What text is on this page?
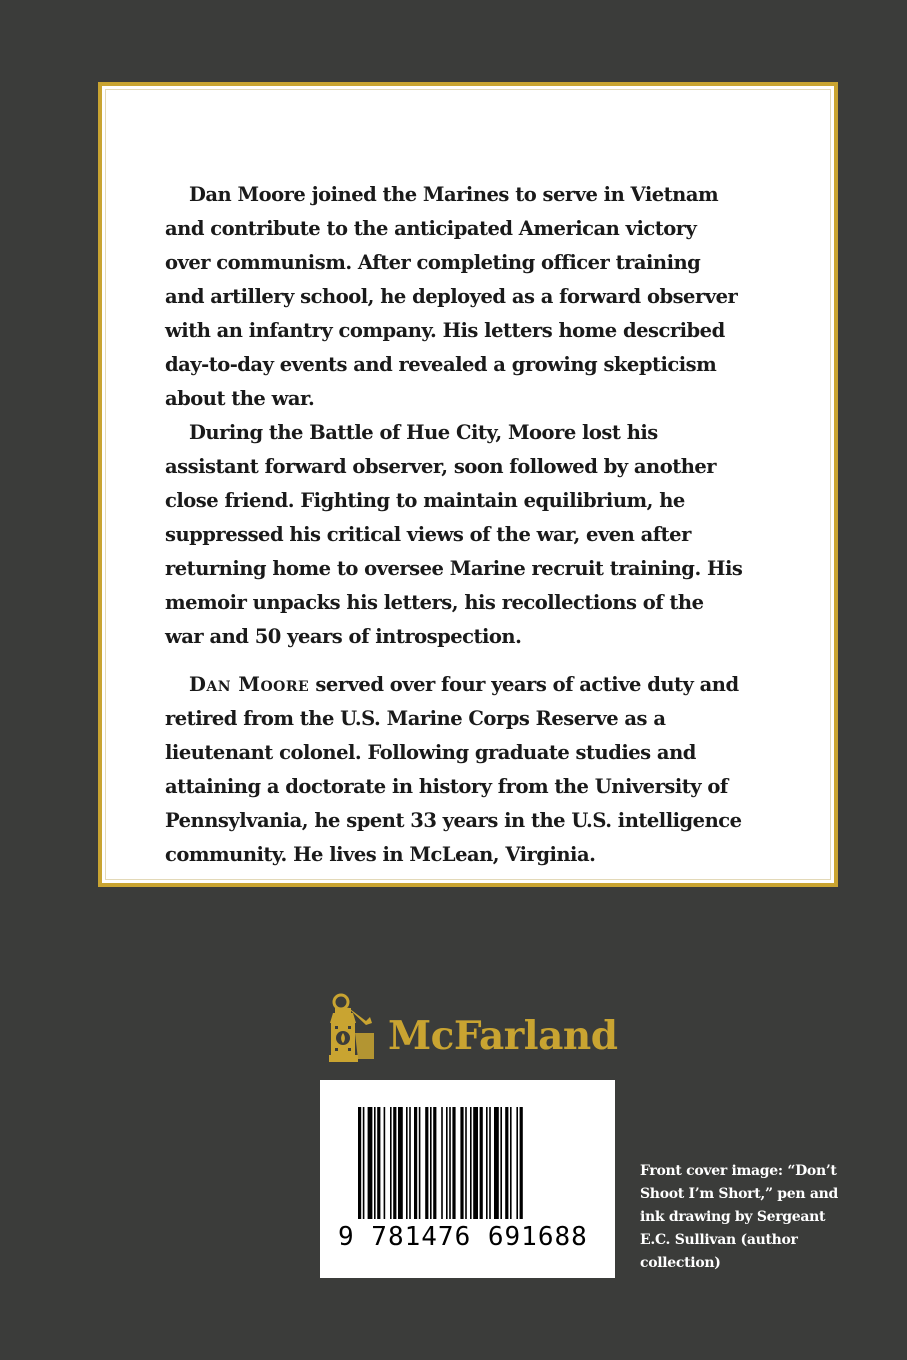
Dan Moore joined the Marines to serve in Vietnam and contribute to the anticipated American victory over communism. After completing officer training and artillery school, he deployed as a forward observer with an infantry company. His letters home described day-to-day events and revealed a growing skepticism about the war.

During the Battle of Hue City, Moore lost his assistant forward observer, soon followed by another close friend. Fighting to maintain equilibrium, he suppressed his critical views of the war, even after returning home to oversee Marine recruit training. His memoir unpacks his letters, his recollections of the war and 50 years of introspection.

Dan Moore served over four years of active duty and retired from the U.S. Marine Corps Reserve as a lieutenant colonel. Following graduate studies and attaining a doctorate in history from the University of Pennsylvania, he spent 33 years in the U.S. intelligence community. He lives in McLean, Virginia.

McFarland
9 781476 691688
Front cover image: “Don’t Shoot I’m Short,” pen and ink drawing by Sergeant E.C. Sullivan (author collection)
